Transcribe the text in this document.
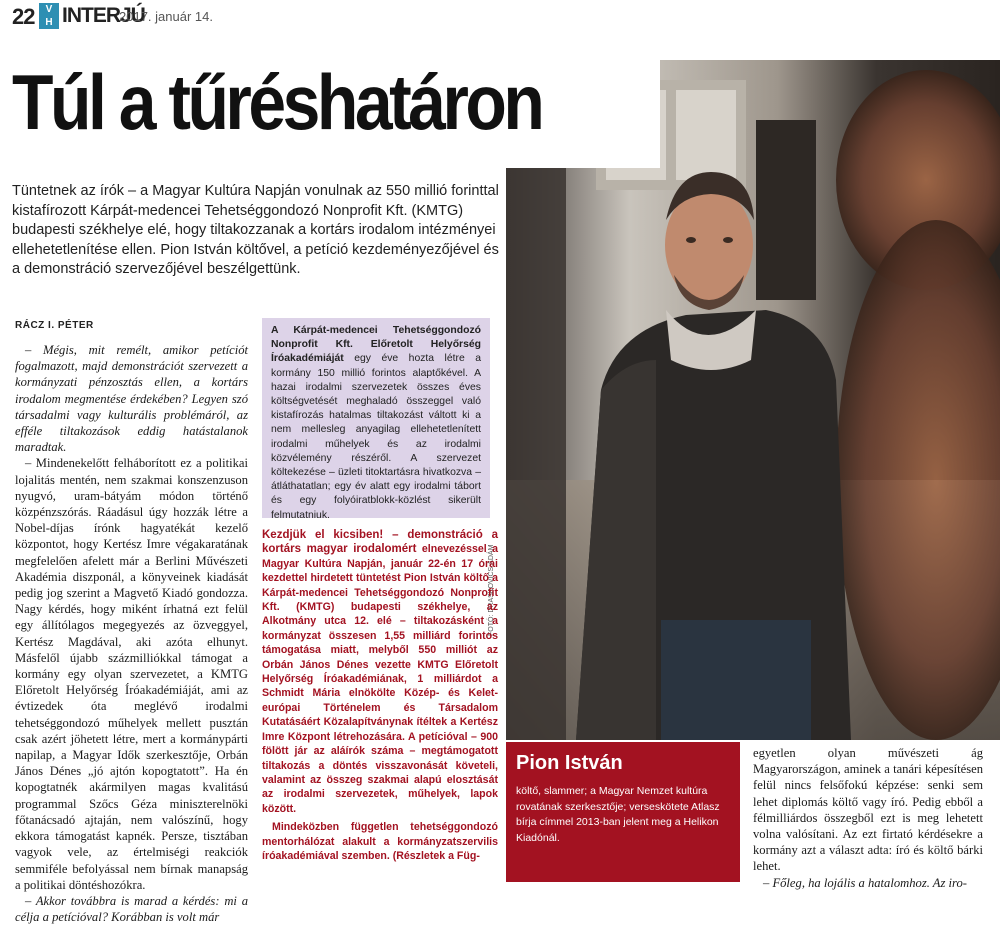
22	V
H INTERJÚ
2017. január 14.
FOTÓ: DRASKOVICS ÁDÁM
Túl a tűréshatáron

Tüntetnek az írók – a Magyar Kultúra Napján vonulnak az 550 millió forinttal kistafírozott Kárpát-medencei Tehetséggondozó Nonprofit Kft. (KMTG) budapesti székhelye elé, hogy tiltakozzanak a kortárs irodalom intézményei ellehetetlenítése ellen. Pion István költővel, a petíció kezdeményezőjével és a demonstráció szervezőjével beszélgettünk.

RÁCZ I. PÉTER

– Mégis, mit remélt, amikor petíciót fogalmazott, majd demonstrációt szervezett a kormányzati pénzosztás ellen, a kortárs irodalom megmentése érdekében? Legyen szó társadalmi vagy kulturális problémáról, az efféle tiltakozások eddig hatástalanok maradtak.

– Mindenekelőtt felháborított ez a politikai lojalitás mentén, nem szakmai konszenzuson nyugvó, uram-bátyám módon történő közpénzszórás. Ráadásul úgy hozzák létre a Nobel-díjas írónk hagyatékát kezelő központot, hogy Kertész Imre végakaratának megfelelően afelett már a Berlini Művészeti Akadémia diszponál, a könyveinek kiadását pedig jog szerint a Magvető Kiadó gondozza. Nagy kérdés, hogy miként írhatná ezt felül egy állítólagos megegyezés az özveggyel, Kertész Magdával, aki azóta elhunyt. Másfelől újabb százmilliókkal támogat a kormány egy olyan szervezetet, a KMTG Előretolt Helyőrség Íróakadémiáját, ami az évtizedek óta meglévő irodalmi tehetséggondozó műhelyek mellett pusztán csak azért jöhetett létre, mert a kormánypárti napilap, a Magyar Idők szerkesztője, Orbán János Dénes „jó ajtón kopogtatott”. Ha én kopogtatnék akármilyen magas kvalitású programmal Szőcs Géza miniszterelnöki főtanácsadó ajtaján, nem valószínű, hogy ekkora támogatást kapnék. Persze, tisztában vagyok vele, az értelmiségi reakciók semmiféle befolyással nem bírnak manapság a politikai döntéshozókra.

– Akkor továbbra is marad a kérdés: mi a célja a petícióval? Korábban is volt már

A Kárpát-medencei Tehetséggondozó Nonprofit Kft. Előretolt Helyőrség Íróakadémiáját egy éve hozta létre a kormány 150 millió forintos alaptőkével. A hazai irodalmi szervezetek összes éves költségvetését meghaladó összeggel való kistafírozás hatalmas tiltakozást váltott ki a nem mellesleg anyagilag ellehetetlenített irodalmi műhelyek és az irodalmi közvélemény részéről. A szervezet költekezése – üzleti titoktartásra hivatkozva – átláthatatlan; egy év alatt egy irodalmi tábort és egy folyóiratblokk-közlést sikerült felmutatniuk.
Kezdjük el kicsiben! – demonstráció a kortárs magyar irodalomért elnevezéssel a Magyar Kultúra Napján, január 22-én 17 órai kezdettel hirdetett tüntetést Pion István költő a Kárpát-medencei Tehetséggondozó Nonprofit Kft. (KMTG) budapesti székhelye, az Alkotmány utca 12. elé – tiltakozásként a kormányzat összesen 1,55 milliárd forintos támogatása miatt, melyből 550 milliót az Orbán János Dénes vezette KMTG Előretolt Helyőrség Íróakadémiának, 1 milliárdot a Schmidt Mária elnökölte Közép- és Kelet-európai Történelem és Társadalom Kutatásáért Közalapítványnak ítéltek a Kertész Imre Központ létrehozására. A petícióval – 900 fölött jár az aláírók száma – megtámogatott tiltakozás a döntés visszavonását követeli, valamint az összeg szakmai alapú elosztását az irodalmi szervezetek, műhelyek, lapok között.
Mindeközben független tehetséggondozó mentorhálózat alakult a kormányzatszervilis íróakadémiával szemben. (Részletek a Füg-
Pion István
költő, slammer; a Magyar Nemzet kultúra rovatának szerkesztője; verseskötete Atlasz bírja címmel 2013-ban jelent meg a Helikon Kiadónál.

egyetlen olyan művészeti ág Magyarországon, aminek a tanári képesítésen felül nincs felsőfokú képzése: senki sem lehet diplomás költő vagy író. Pedig ebből a félmilliárdos összegből ezt is meg lehetett volna valósítani. Az ezt firtató kérdésekre a kormány azt a választ adta: író és költő bárki lehet.

– Főleg, ha lojális a hatalomhoz. Az iro-
